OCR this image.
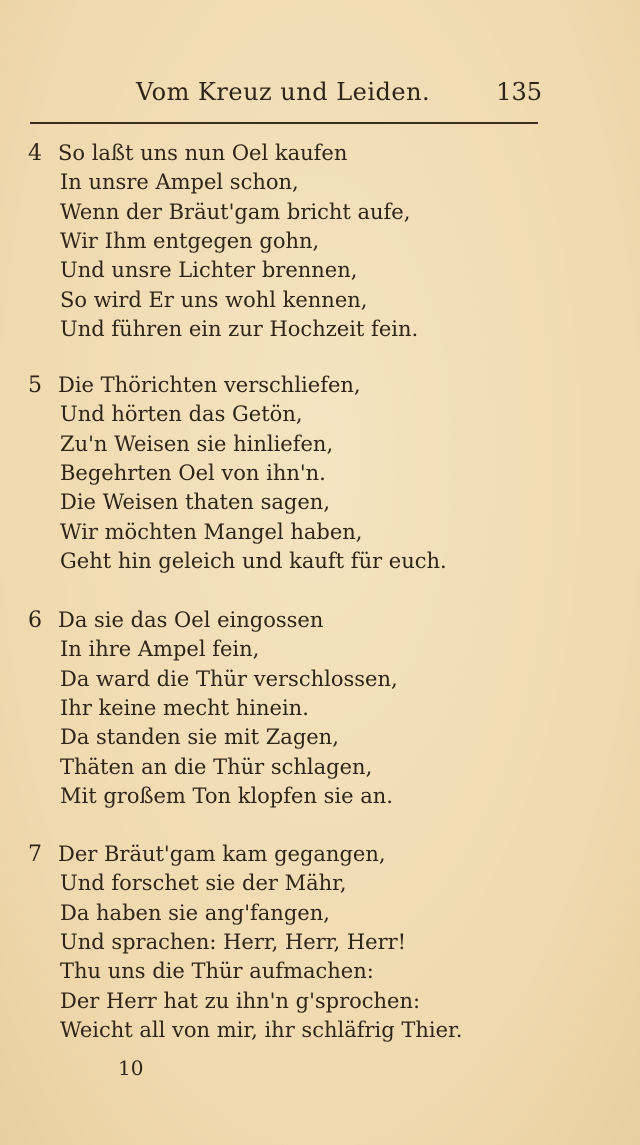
Vom Kreuz und Leiden.	135
4 So laßt uns nun Oel kaufen
In unsre Ampel schon,
Wenn der Bräut'gam bricht aufe,
Wir Ihm entgegen gohn,
Und unsre Lichter brennen,
So wird Er uns wohl kennen,
Und führen ein zur Hochzeit fein.
5 Die Thörichten verschliefen,
Und hörten das Getön,
Zu'n Weisen sie hinliefen,
Begehrten Oel von ihn'n.
Die Weisen thaten sagen,
Wir möchten Mangel haben,
Geht hin geleich und kauft für euch.
6 Da sie das Oel eingossen
In ihre Ampel fein,
Da ward die Thür verschlossen,
Ihr keine mecht hinein.
Da standen sie mit Zagen,
Thäten an die Thür schlagen,
Mit großem Ton klopfen sie an.
7 Der Bräut'gam kam gegangen,
Und forschet sie der Mähr,
Da haben sie ang'fangen,
Und sprachen: Herr, Herr, Herr!
Thu uns die Thür aufmachen:
Der Herr hat zu ihn'n g'sprochen:
Weicht all von mir, ihr schläfrig Thier.
10
